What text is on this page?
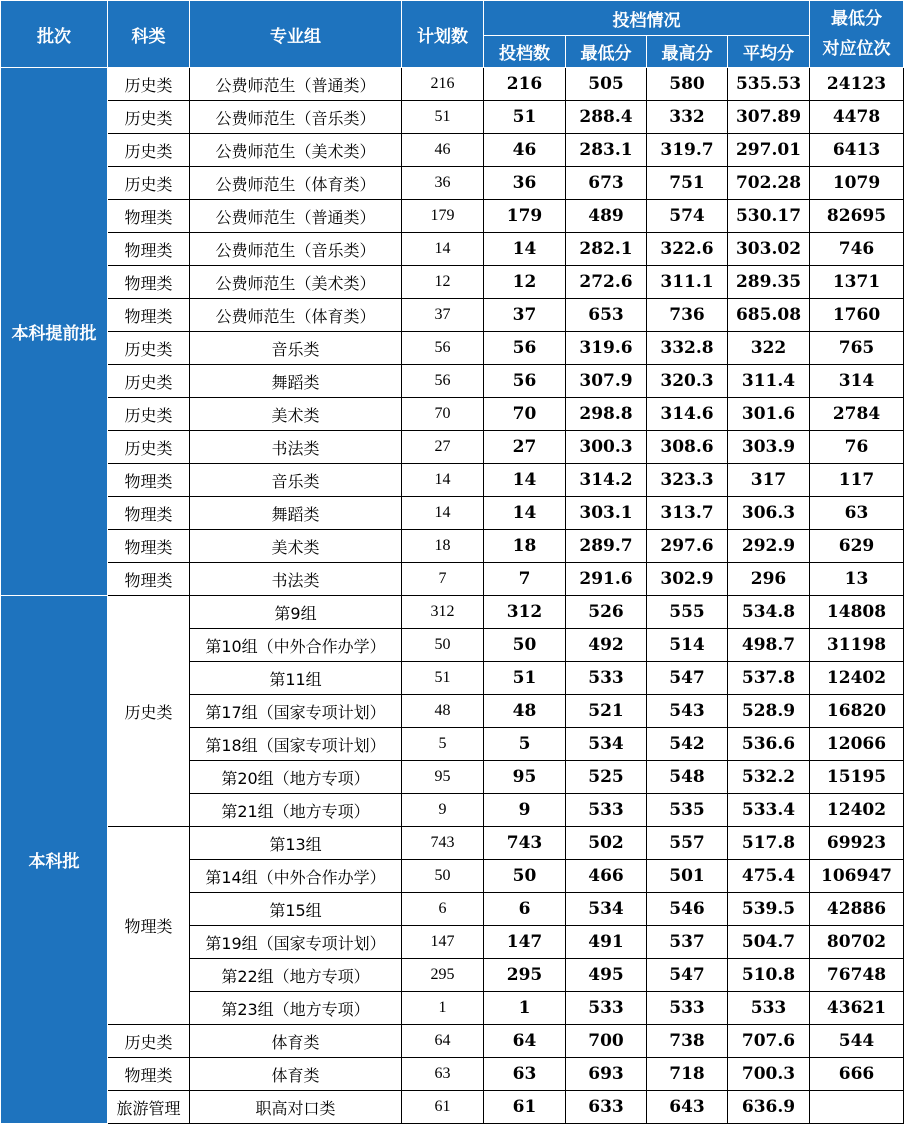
批次	科类	专业组	计划数	投档情况				最低分
对应位次

				投档数	最低分	最高分	平均分	
本科提前批	历史类	公费师范生（普通类）	216	216	505	580	535.53	24123
	历史类	公费师范生（音乐类）	51	51	288.4	332	307.89	4478
	历史类	公费师范生（美术类）	46	46	283.1	319.7	297.01	6413
	历史类	公费师范生（体育类）	36	36	673	751	702.28	1079
	物理类	公费师范生（普通类）	179	179	489	574	530.17	82695
	物理类	公费师范生（音乐类）	14	14	282.1	322.6	303.02	746
	物理类	公费师范生（美术类）	12	12	272.6	311.1	289.35	1371
	物理类	公费师范生（体育类）	37	37	653	736	685.08	1760
	历史类	音乐类	56	56	319.6	332.8	322	765
	历史类	舞蹈类	56	56	307.9	320.3	311.4	314
	历史类	美术类	70	70	298.8	314.6	301.6	2784
	历史类	书法类	27	27	300.3	308.6	303.9	76
	物理类	音乐类	14	14	314.2	323.3	317	117
	物理类	舞蹈类	14	14	303.1	313.7	306.3	63
	物理类	美术类	18	18	289.7	297.6	292.9	629
	物理类	书法类	7	7	291.6	302.9	296	13
本科批	历史类	第9组	312	312	526	555	534.8	14808
		第10组（中外合作办学）	50	50	492	514	498.7	31198
		第11组	51	51	533	547	537.8	12402
		第17组（国家专项计划）	48	48	521	543	528.9	16820
		第18组（国家专项计划）	5	5	534	542	536.6	12066
		第20组（地方专项）	95	95	525	548	532.2	15195
		第21组（地方专项）	9	9	533	535	533.4	12402
	物理类	第13组	743	743	502	557	517.8	69923
		第14组（中外合作办学）	50	50	466	501	475.4	106947
		第15组	6	6	534	546	539.5	42886
		第19组（国家专项计划）	147	147	491	537	504.7	80702
		第22组（地方专项）	295	295	495	547	510.8	76748
		第23组（地方专项）	1	1	533	533	533	43621
	历史类	体育类	64	64	700	738	707.6	544
	物理类	体育类	63	63	693	718	700.3	666
	旅游管理	职高对口类	61	61	633	643	636.9	
